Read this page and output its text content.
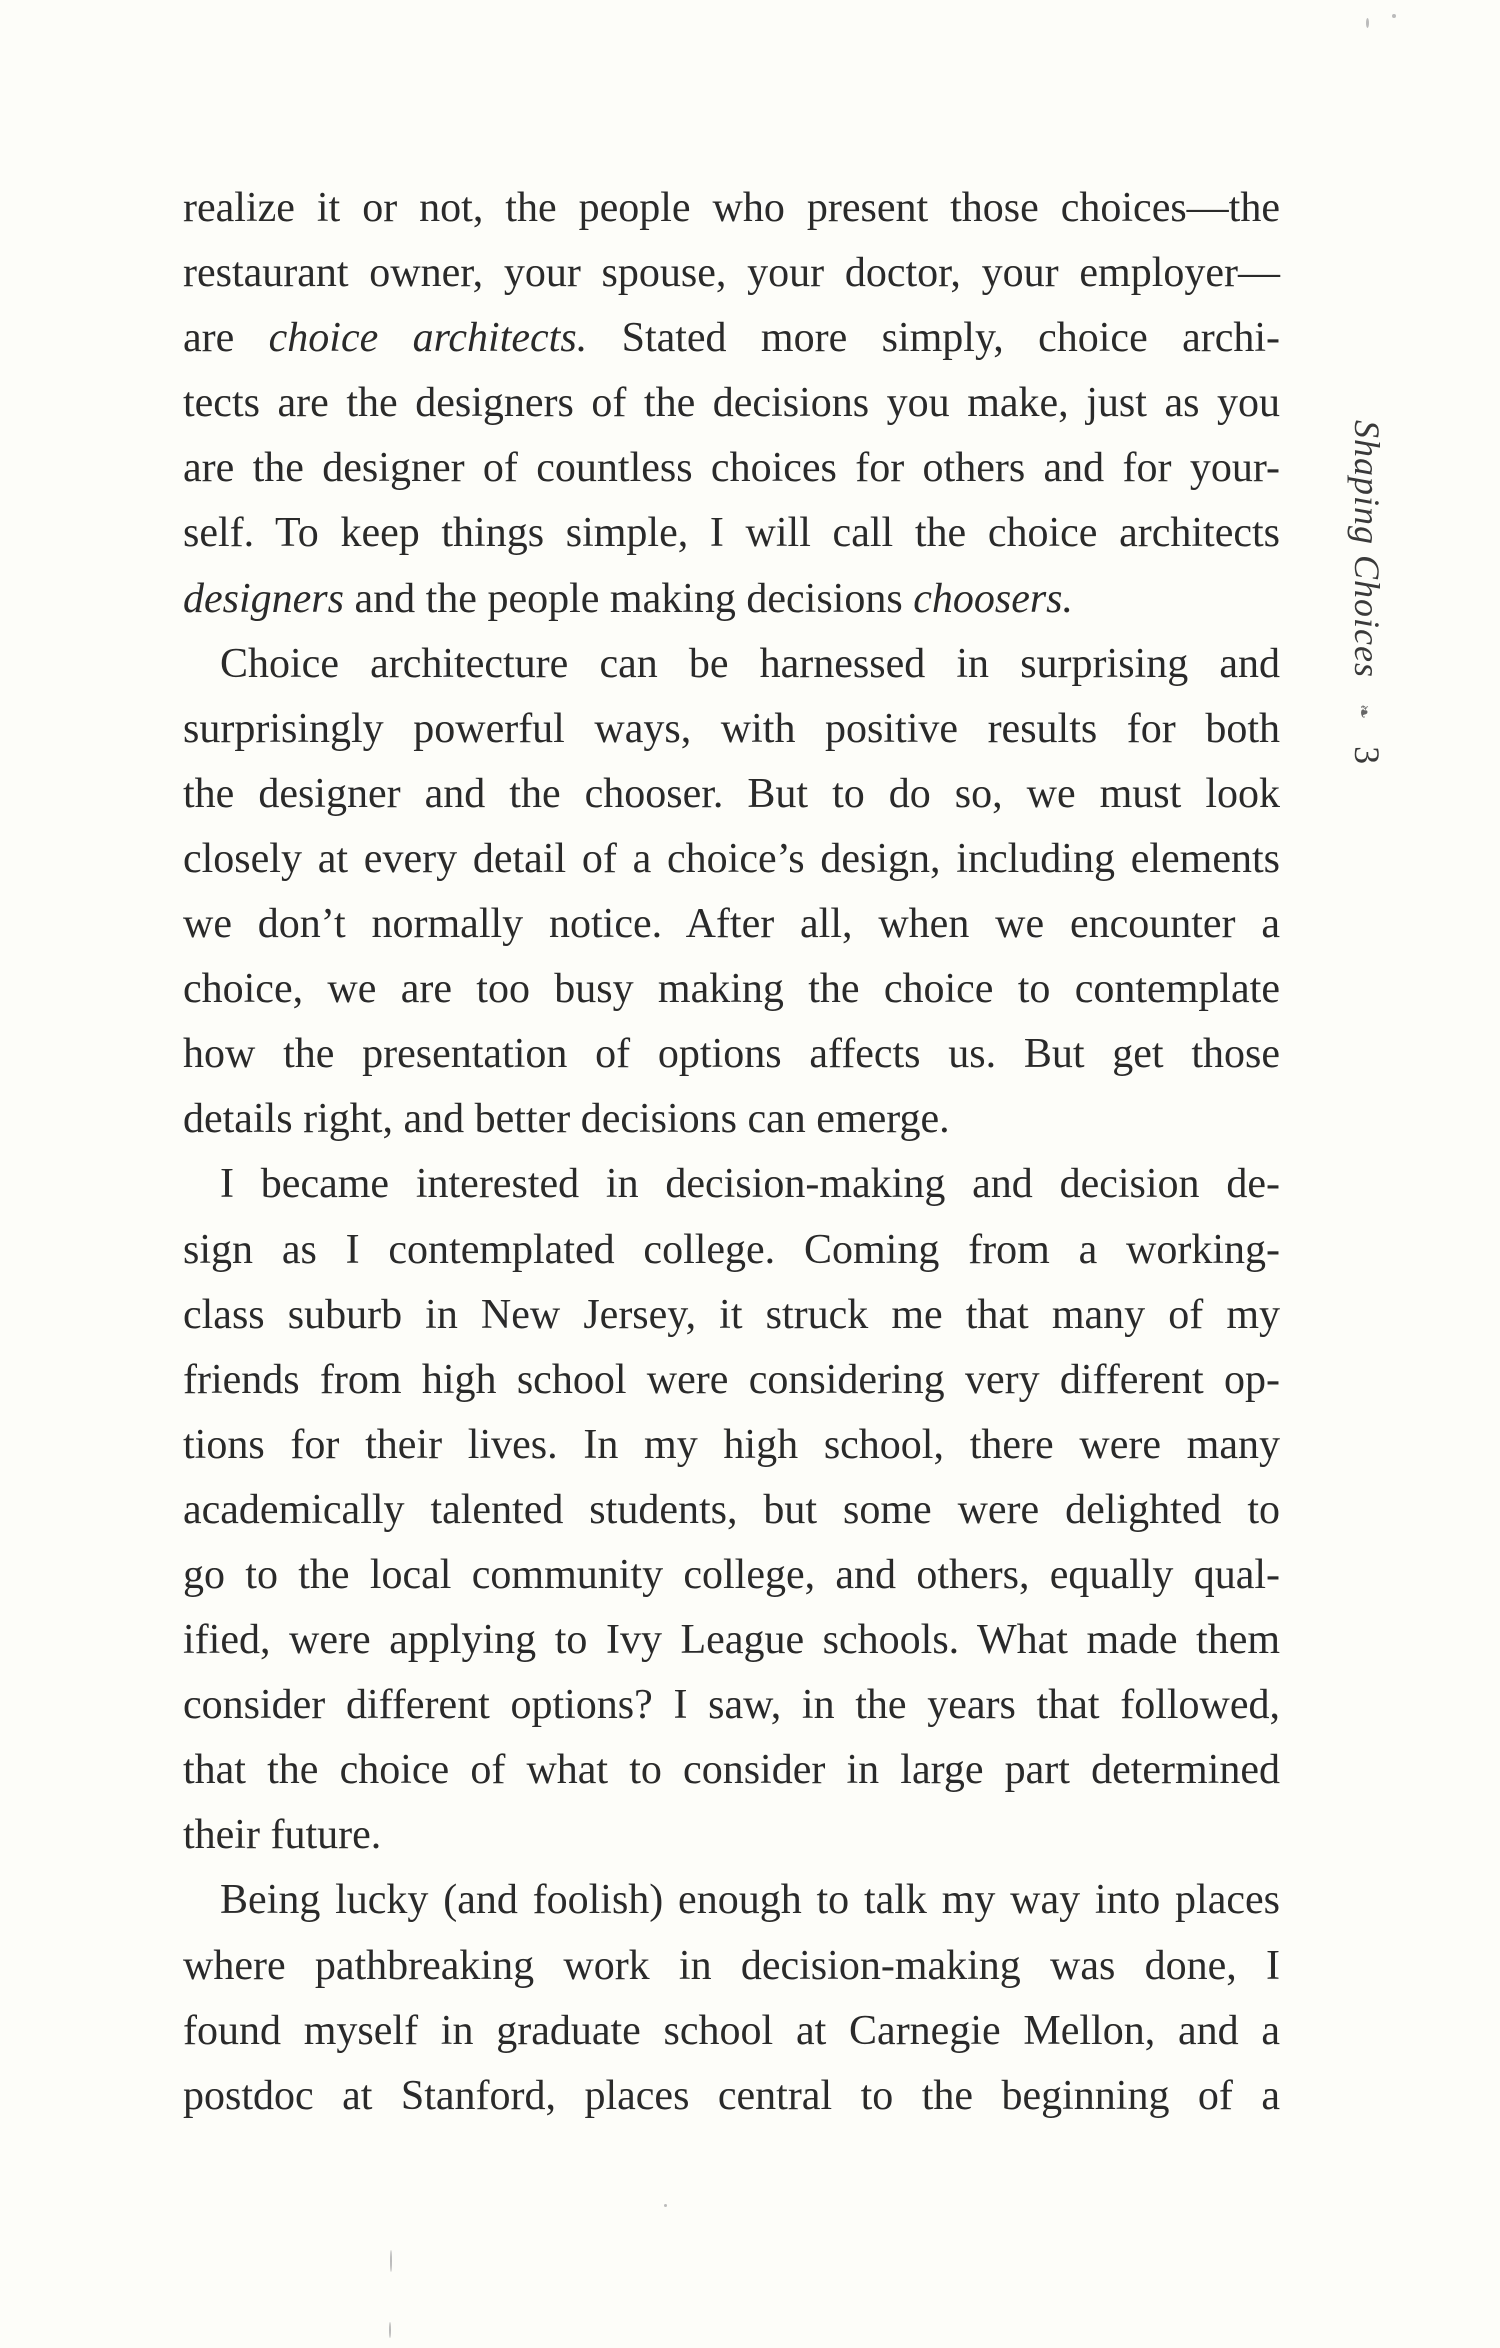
realize it or not, the people who present those choices—the
restaurant owner, your spouse, your doctor, your employer—
are choice architects. Stated more simply, choice archi-
tects are the designers of the decisions you make, just as you
are the designer of countless choices for others and for your-
self. To keep things simple, I will call the choice architects
designers and the people making decisions choosers.
Choice architecture can be harnessed in surprising and
surprisingly powerful ways, with positive results for both
the designer and the chooser. But to do so, we must look
closely at every detail of a choice’s design, including elements
we don’t normally notice. After all, when we encounter a
choice, we are too busy making the choice to contemplate
how the presentation of options affects us. But get those
details right, and better decisions can emerge.
I became interested in decision-making and decision de-
sign as I contemplated college. Coming from a working-
class suburb in New Jersey, it struck me that many of my
friends from high school were considering very different op-
tions for their lives. In my high school, there were many
academically talented students, but some were delighted to
go to the local community college, and others, equally qual-
ified, were applying to Ivy League schools. What made them
consider different options? I saw, in the years that followed,
that the choice of what to consider in large part determined
their future.
Being lucky (and foolish) enough to talk my way into places
where pathbreaking work in decision-making was done, I
found myself in graduate school at Carnegie Mellon, and a
postdoc at Stanford, places central to the beginning of a
Shaping Choices❧3
